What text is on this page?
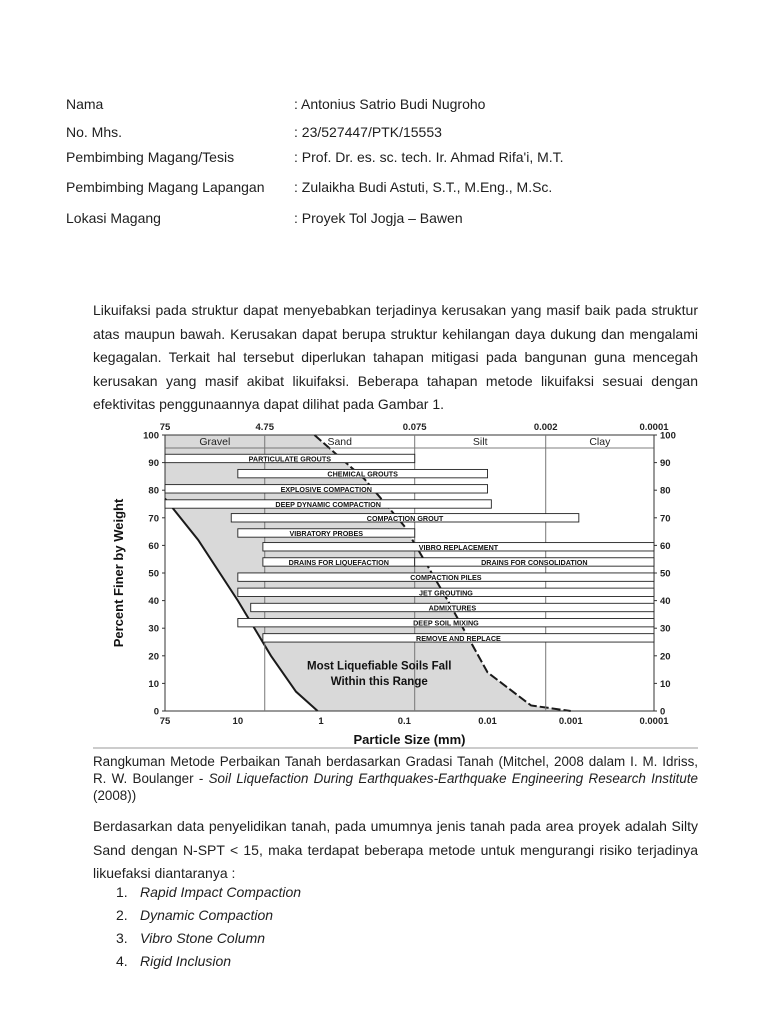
Nama	: Antonius Satrio Budi Nugroho
No. Mhs.	: 23/527447/PTK/15553
Pembimbing Magang/Tesis	: Prof. Dr. es. sc. tech. Ir. Ahmad Rifa'i, M.T.
Pembimbing Magang Lapangan : Zulaikha Budi Astuti, S.T., M.Eng., M.Sc.
Lokasi Magang	: Proyek Tol Jogja – Bawen

Likuifaksi pada struktur dapat menyebabkan terjadinya kerusakan yang masif baik pada struktur atas maupun bawah. Kerusakan dapat berupa struktur kehilangan daya dukung dan mengalami kegagalan. Terkait hal tersebut diperlukan tahapan mitigasi pada bangunan guna mencegah kerusakan yang masif akibat likuifaksi. Beberapa tahapan metode likuifaksi sesuai dengan efektivitas penggunaannya dapat dilihat pada Gambar 1.

Gravel	Sand	Silt	Clay
0	0
10	10
20	20
30	30
40	40
50	50
60	60
70	70
80	80
90	90
100	100
75	10	1	0.1	0.01	0.001	0.0001
75	4.75	0.075	0.002	0.0001
PARTICULATE GROUTS
CHEMICAL GROUTS
EXPLOSIVE COMPACTION
DEEP DYNAMIC COMPACTION
COMPACTION GROUT
VIBRATORY PROBES
VIBRO REPLACEMENT
DRAINS FOR LIQUEFACTION	DRAINS FOR CONSOLIDATION
COMPACTION PILES
JET GROUTING
ADMIXTURES
DEEP SOIL MIXING
REMOVE AND REPLACE
Most Liquefiable Soils Fall
Within this Range
Particle Size (mm)
Percent Finer by Weight

Rangkuman Metode Perbaikan Tanah berdasarkan Gradasi Tanah (Mitchel, 2008 dalam I. M. Idriss, R. W. Boulanger - Soil Liquefaction During Earthquakes-Earthquake Engineering Research Institute (2008))

Berdasarkan data penyelidikan tanah, pada umumnya jenis tanah pada area proyek adalah Silty Sand dengan N-SPT < 15, maka terdapat beberapa metode untuk mengurangi risiko terjadinya likuefaksi diantaranya :

1. Rapid Impact Compaction
2. Dynamic Compaction
3. Vibro Stone Column
4. Rigid Inclusion
